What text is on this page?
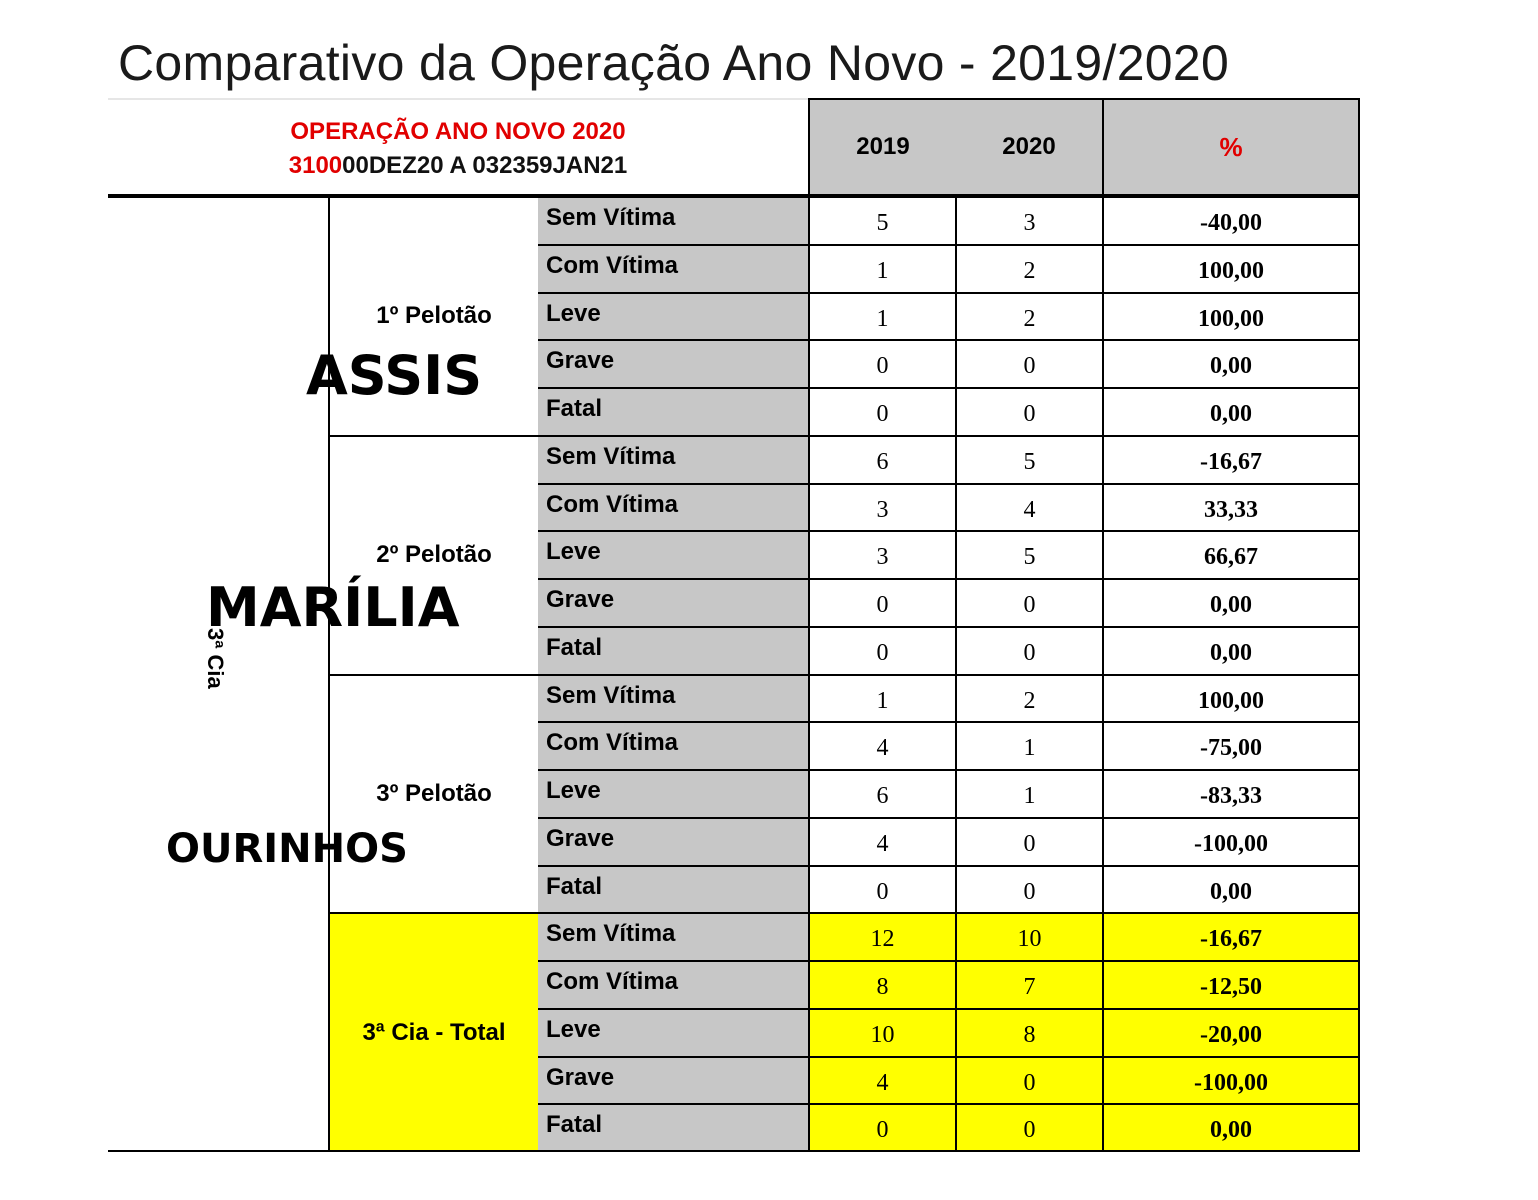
Comparativo da Operação Ano Novo - 2019/2020
OPERAÇÃO ANO NOVO 2020
310000DEZ20 A 032359JAN21
2019	2020	%
3ª Cia
1º Pelotão
Sem Vítima	5	3	-40,00
Com Vítima	1	2	100,00
Leve	1	2	100,00
Grave	0	0	0,00
Fatal	0	0	0,00
2º Pelotão
Sem Vítima	6	5	-16,67
Com Vítima	3	4	33,33
Leve	3	5	66,67
Grave	0	0	0,00
Fatal	0	0	0,00
3º Pelotão
Sem Vítima	1	2	100,00
Com Vítima	4	1	-75,00
Leve	6	1	-83,33
Grave	4	0	-100,00
Fatal	0	0	0,00
3ª Cia - Total
Sem Vítima	12	10	-16,67
Com Vítima	8	7	-12,50
Leve	10	8	-20,00
Grave	4	0	-100,00
Fatal	0	0	0,00
ASSIS
MARÍLIA
OURINHOS
